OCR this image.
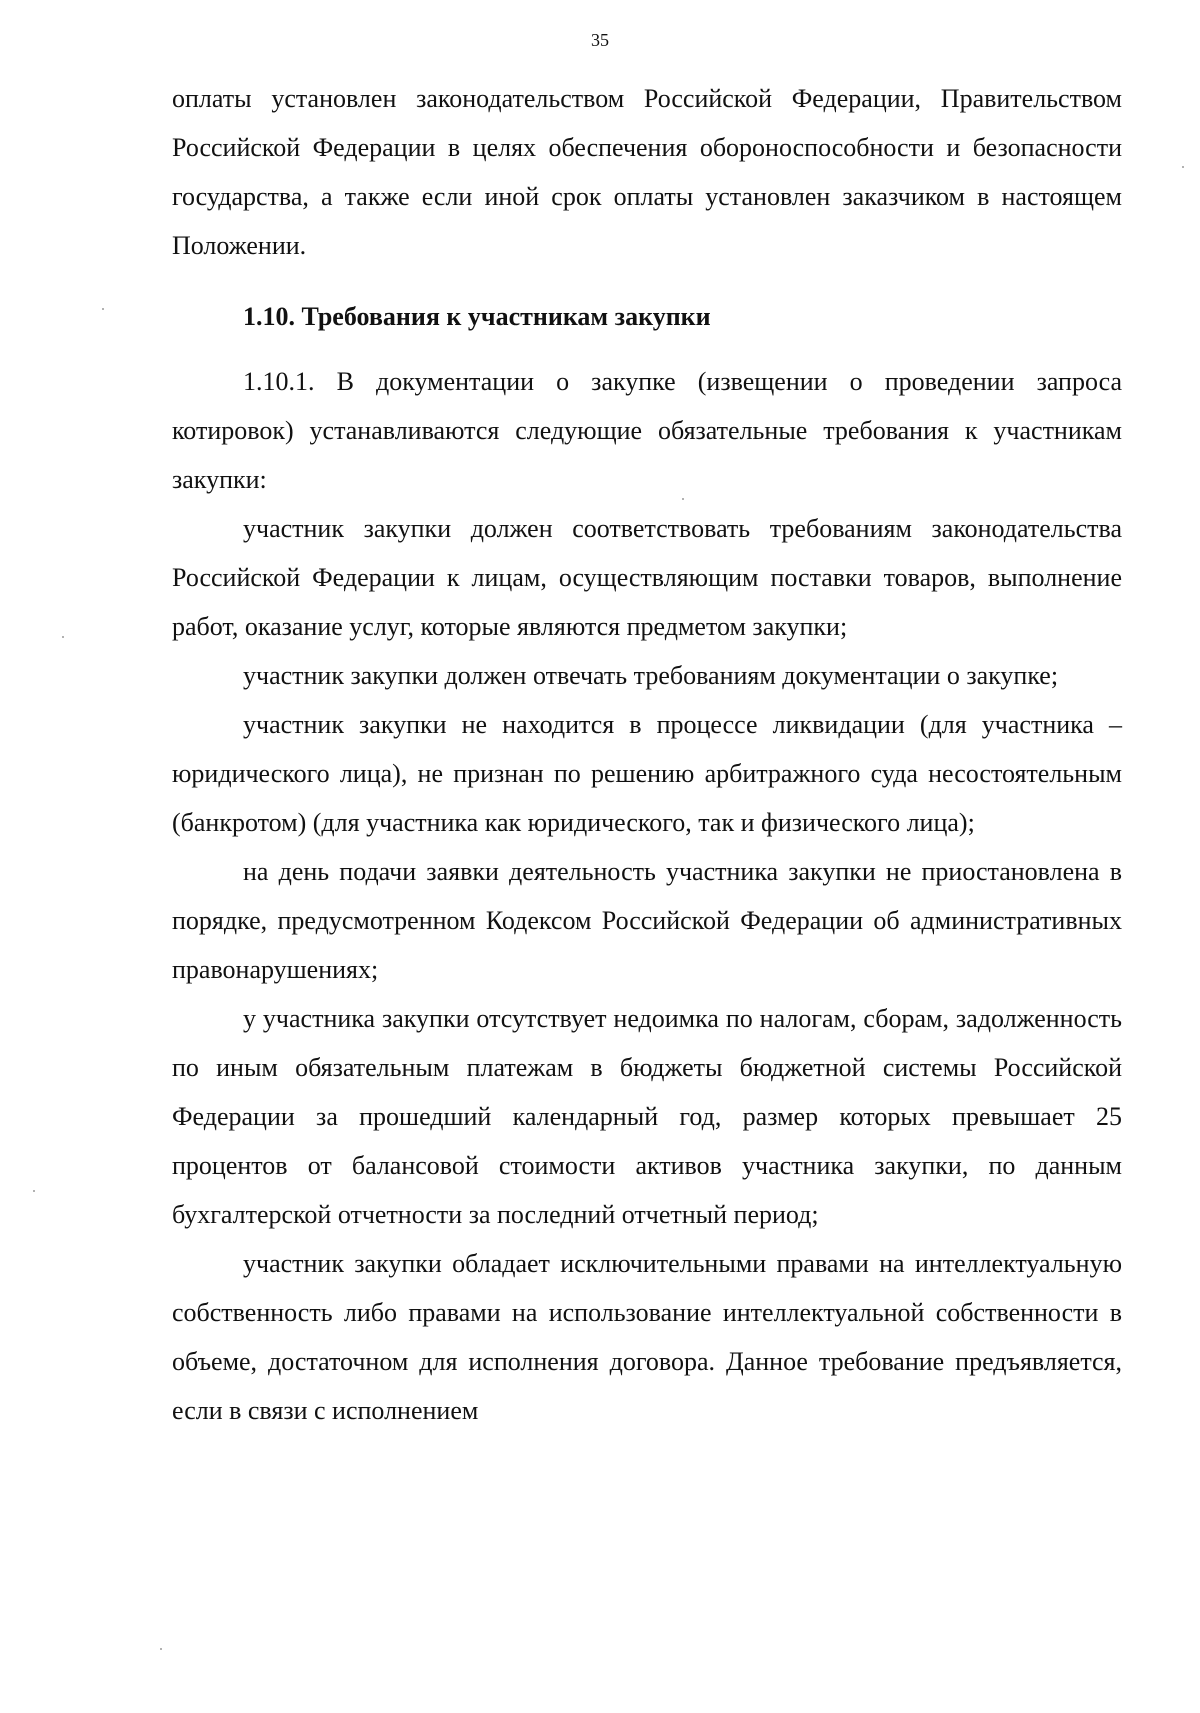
35

оплаты установлен законодательством Российской Федерации, Правительством Российской Федерации в целях обеспечения обороноспособности и безопасности государства, а также если иной срок оплаты установлен заказчиком в настоящем Положении.

1.10. Требования к участникам закупки

1.10.1. В документации о закупке (извещении о проведении запроса котировок) устанавливаются следующие обязательные требования к участникам закупки:

участник закупки должен соответствовать требованиям законодательства Российской Федерации к лицам, осуществляющим поставки товаров, выполнение работ, оказание услуг, которые являются предметом закупки;

участник закупки должен отвечать требованиям документации о закупке;

участник закупки не находится в процессе ликвидации (для участника – юридического лица), не признан по решению арбитражного суда несостоятельным (банкротом) (для участника как юридического, так и физического лица);

на день подачи заявки деятельность участника закупки не приостановлена в порядке, предусмотренном Кодексом Российской Федерации об административных правонарушениях;

у участника закупки отсутствует недоимка по налогам, сборам, задолженность по иным обязательным платежам в бюджеты бюджетной системы Российской Федерации за прошедший календарный год, размер которых превышает 25 процентов от балансовой стоимости активов участника закупки, по данным бухгалтерской отчетности за последний отчетный период;

участник закупки обладает исключительными правами на интеллектуальную собственность либо правами на использование интеллектуальной собственности в объеме, достаточном для исполнения договора. Данное требование предъявляется, если в связи с исполнением
